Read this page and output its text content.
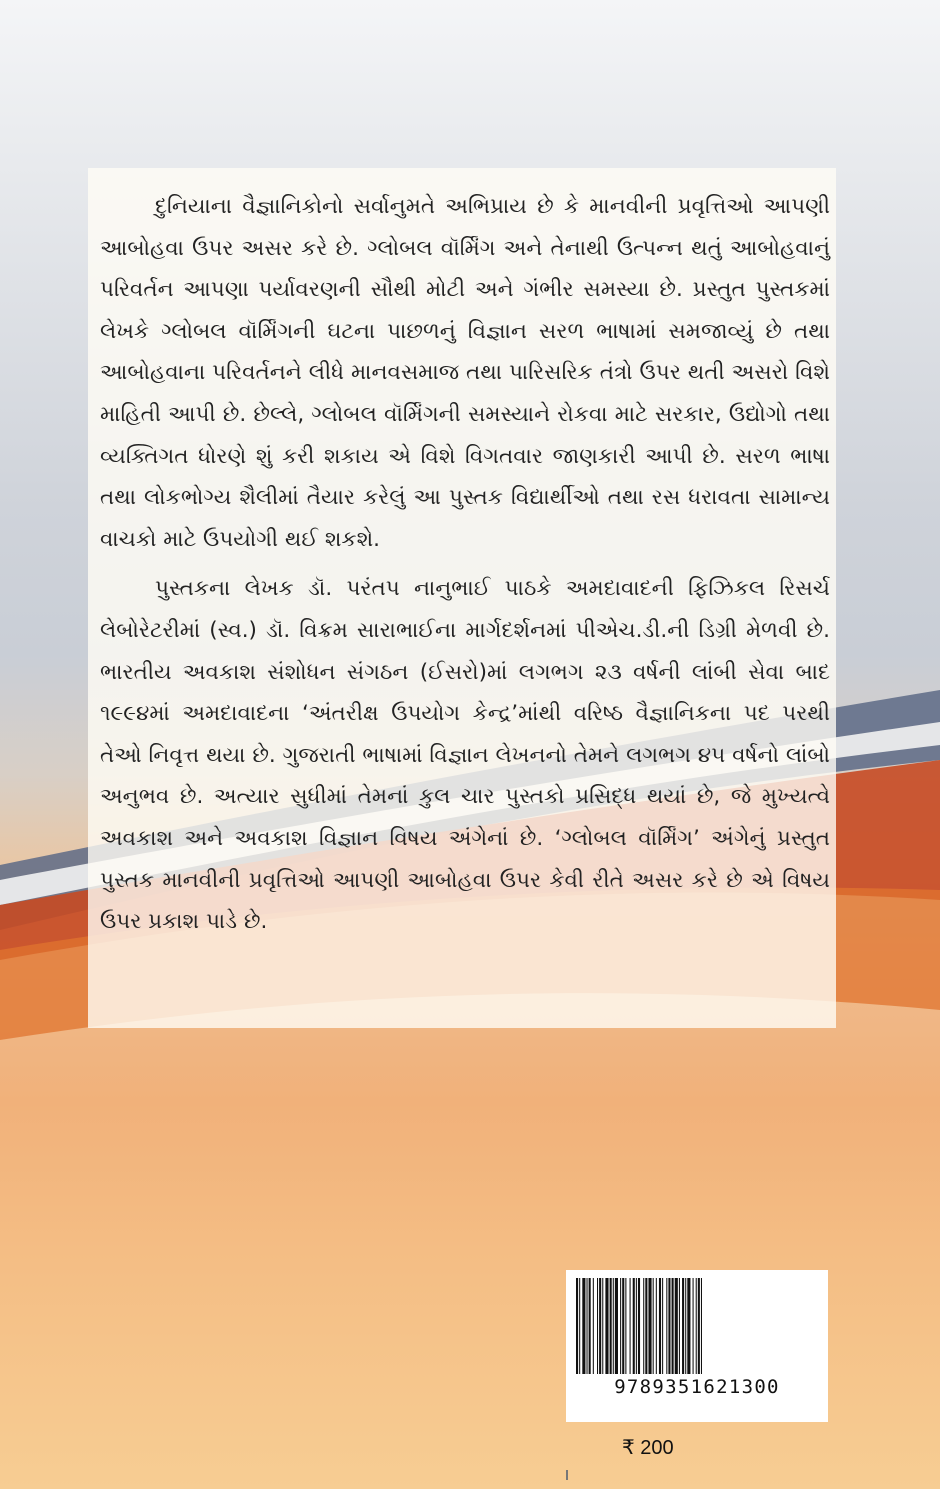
દુનિયાના વૈજ્ઞાનિકોનો સર્વાનુમતે અભિપ્રાય છે કે માનવીની પ્રવૃત્તિઓ આપણી આબોહવા ઉપર અસર કરે છે. ગ્લોબલ વૉર્મિંગ અને તેનાથી ઉત્પન્ન થતું આબોહવાનું પરિવર્તન આપણા પર્યાવરણની સૌથી મોટી અને ગંભીર સમસ્યા છે. પ્રસ્તુત પુસ્તકમાં લેખકે ગ્લોબલ વૉર્મિંગની ઘટના પાછળનું વિજ્ઞાન સરળ ભાષામાં સમજાવ્યું છે તથા આબોહવાના પરિવર્તનને લીધે માનવસમાજ તથા પારિસરિક તંત્રો ઉપર થતી અસરો વિશે માહિતી આપી છે. છેલ્લે, ગ્લોબલ વૉર્મિંગની સમસ્યાને રોકવા માટે સરકાર, ઉદ્યોગો તથા વ્યક્તિગત ધોરણે શું કરી શકાય એ વિશે વિગતવાર જાણકારી આપી છે. સરળ ભાષા તથા લોકભોગ્ય શૈલીમાં તૈયાર કરેલું આ પુસ્તક વિદ્યાર્થીઓ તથા રસ ધરાવતા સામાન્ય વાચકો માટે ઉપયોગી થઈ શકશે.

પુસ્તકના લેખક ડૉ. પરંતપ નાનુભાઈ પાઠકે અમદાવાદની ફિઝિકલ રિસર્ચ લેબોરેટરીમાં (સ્વ.) ડૉ. વિક્રમ સારાભાઈના માર્ગદર્શનમાં પીએચ.ડી.ની ડિગ્રી મેળવી છે. ભારતીય અવકાશ સંશોધન સંગઠન (ઈસરો)માં લગભગ ૨૩ વર્ષની લાંબી સેવા બાદ ૧૯૯૪માં અમદાવાદના ‘અંતરીક્ષ ઉપયોગ કેન્દ્ર’માંથી વરિષ્ઠ વૈજ્ઞાનિકના પદ પરથી તેઓ નિવૃત્ત થયા છે. ગુજરાતી ભાષામાં વિજ્ઞાન લેખનનો તેમને લગભગ ૪૫ વર્ષનો લાંબો અનુભવ છે. અત્યાર સુધીમાં તેમનાં કુલ ચાર પુસ્તકો પ્રસિદ્ધ થયાં છે, જે મુખ્યત્વે અવકાશ અને અવકાશ વિજ્ઞાન વિષય અંગેનાં છે. ‘ગ્લોબલ વૉર્મિંગ’ અંગેનું પ્રસ્તુત પુસ્તક માનવીની પ્રવૃત્તિઓ આપણી આબોહવા ઉપર કેવી રીતે અસર કરે છે એ વિષય ઉપર પ્રકાશ પાડે છે.

9789351621300
₹ 200
